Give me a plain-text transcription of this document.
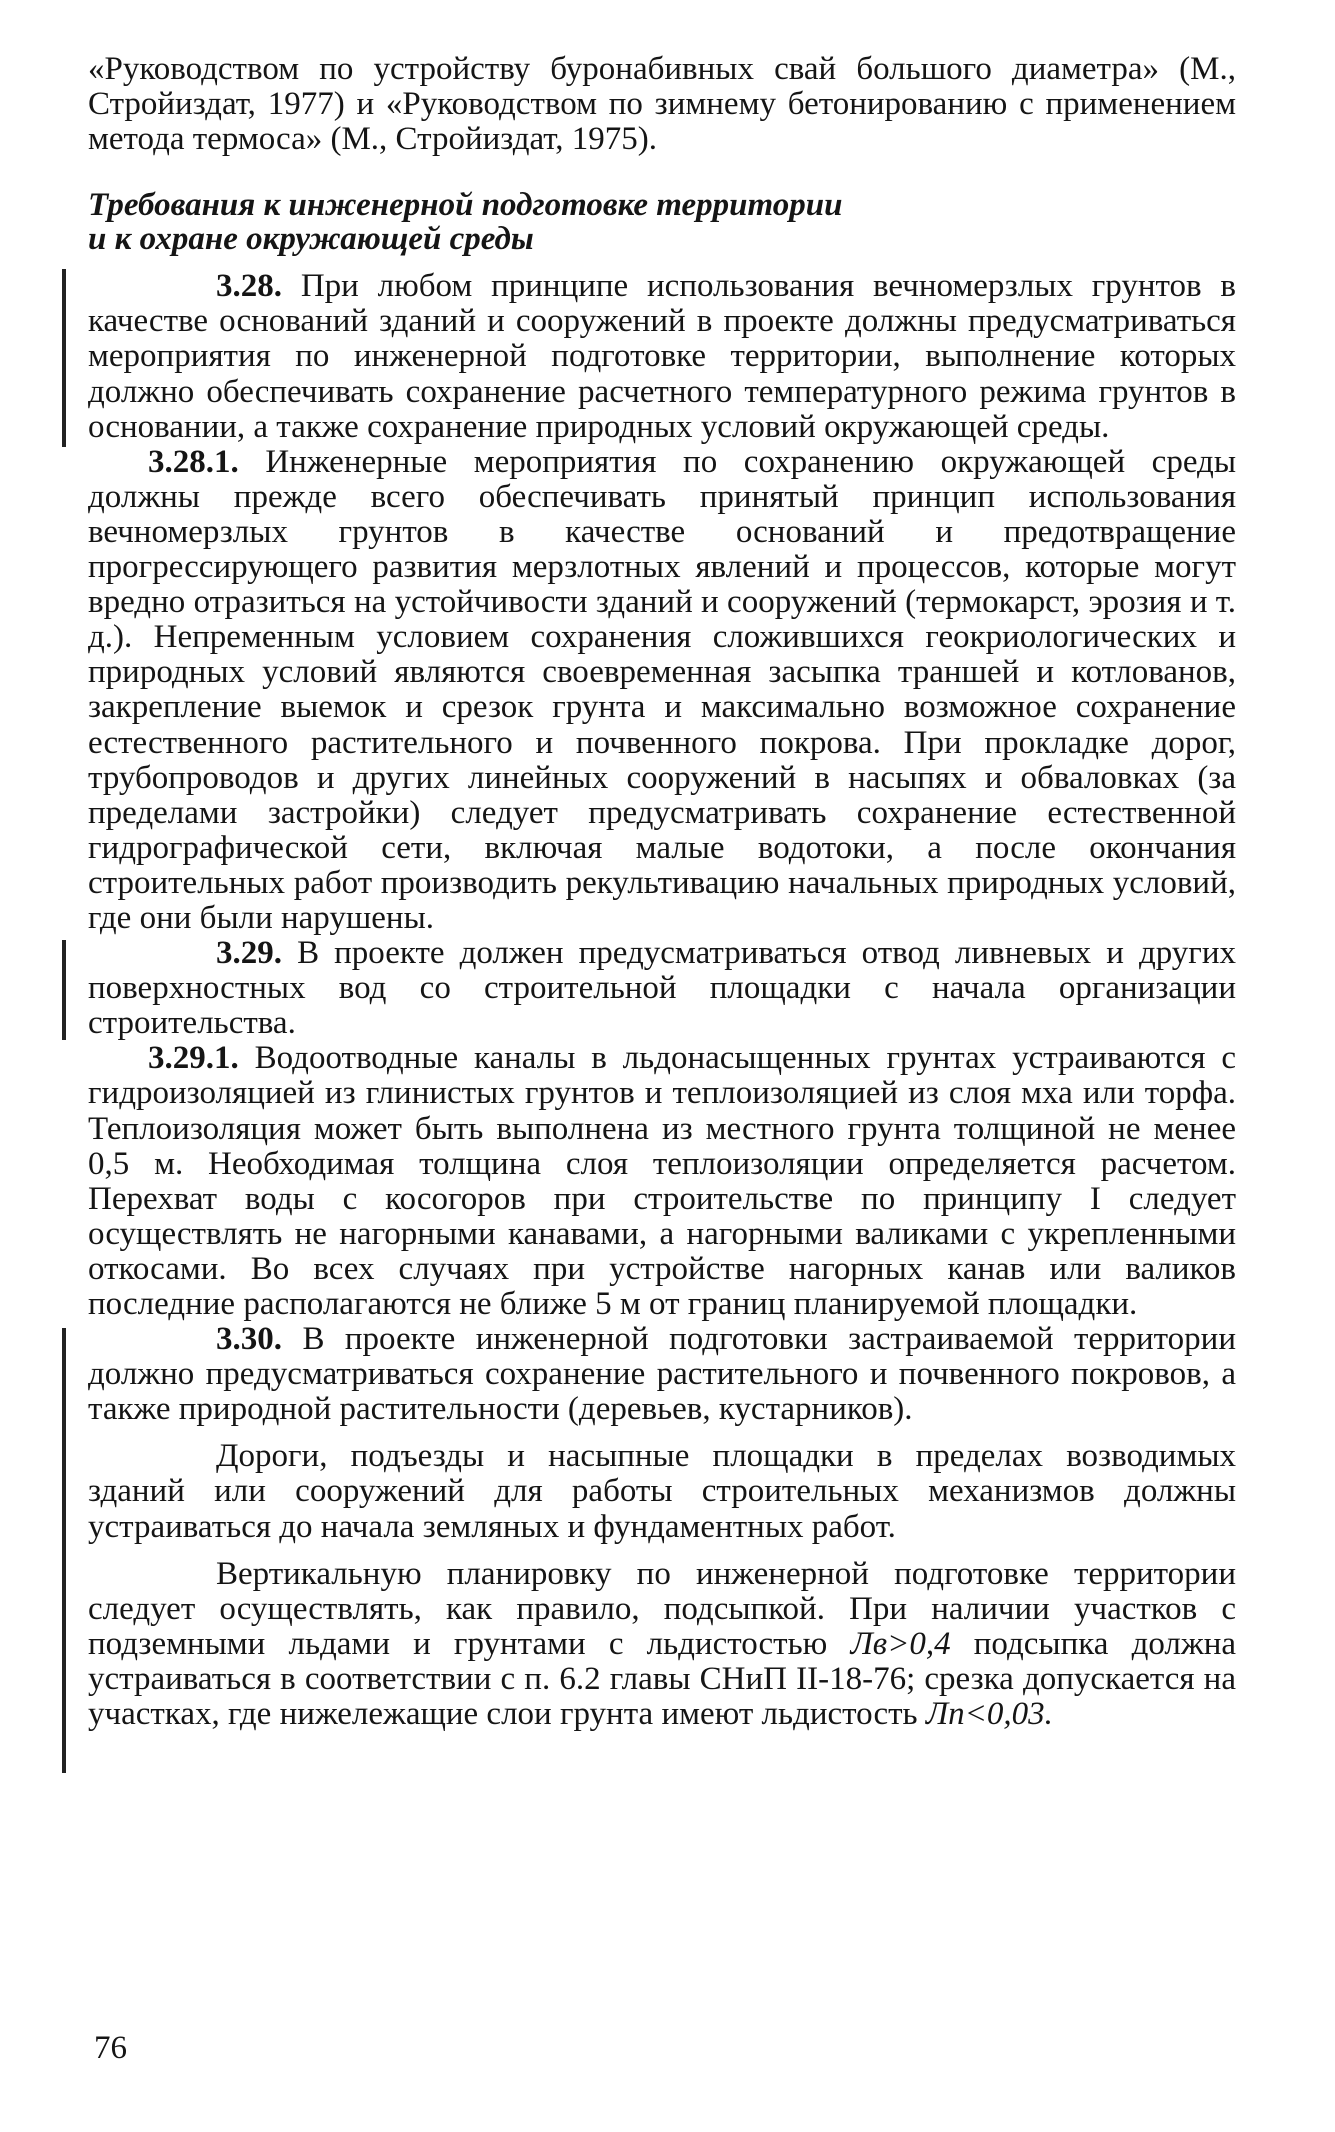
«Руководством по устройству буронабивных свай большого диаметра» (М., Стройиздат, 1977) и «Руководством по зимнему бетонированию с применением метода термоса» (М., Стройиздат, 1975).

Требования к инженерной подготовке территории
и к охране окружающей среды

3.28. При любом принципе использования вечномерзлых грунтов в качестве оснований зданий и сооружений в проекте должны предусматриваться мероприятия по инженерной подготовке территории, выполнение которых должно обеспечивать сохранение расчетного температурного режима грунтов в основании, а также сохранение природных условий окружающей среды.

3.28.1. Инженерные мероприятия по сохранению окружающей среды должны прежде всего обеспечивать принятый принцип использования вечномерзлых грунтов в качестве оснований и предотвращение прогрессирующего развития мерзлотных явлений и процессов, которые могут вредно отразиться на устойчивости зданий и сооружений (термокарст, эрозия и т. д.). Непременным условием сохранения сложившихся геокриологических и природных условий являются своевременная засыпка траншей и котлованов, закрепление выемок и срезок грунта и максимально возможное сохранение естественного растительного и почвенного покрова. При прокладке дорог, трубопроводов и других линейных сооружений в насыпях и обваловках (за пределами застройки) следует предусматривать сохранение естественной гидрографической сети, включая малые водотоки, а после окончания строительных работ производить рекультивацию начальных природных условий, где они были нарушены.

3.29. В проекте должен предусматриваться отвод ливневых и других поверхностных вод со строительной площадки с начала организации строительства.

3.29.1. Водоотводные каналы в льдонасыщенных грунтах устраиваются с гидроизоляцией из глинистых грунтов и теплоизоляцией из слоя мха или торфа. Теплоизоляция может быть выполнена из местного грунта толщиной не менее 0,5 м. Необходимая толщина слоя теплоизоляции определяется расчетом. Перехват воды с косогоров при строительстве по принципу I следует осуществлять не нагорными канавами, а нагорными валиками с укрепленными откосами. Во всех случаях при устройстве нагорных канав или валиков последние располагаются не ближе 5 м от границ планируемой площадки.

3.30. В проекте инженерной подготовки застраиваемой территории должно предусматриваться сохранение растительного и почвенного покровов, а также природной растительности (деревьев, кустарников).

Дороги, подъезды и насыпные площадки в пределах возводимых зданий или сооружений для работы строительных механизмов должны устраиваться до начала земляных и фундаментных работ.

Вертикальную планировку по инженерной подготовке территории следует осуществлять, как правило, подсыпкой. При наличии участков с подземными льдами и грунтами с льдистостью Лв>0,4 подсыпка должна устраиваться в соответствии с п. 6.2 главы СНиП II-18-76; срезка допускается на участках, где нижележащие слои грунта имеют льдистость Лп<0,03.

76
